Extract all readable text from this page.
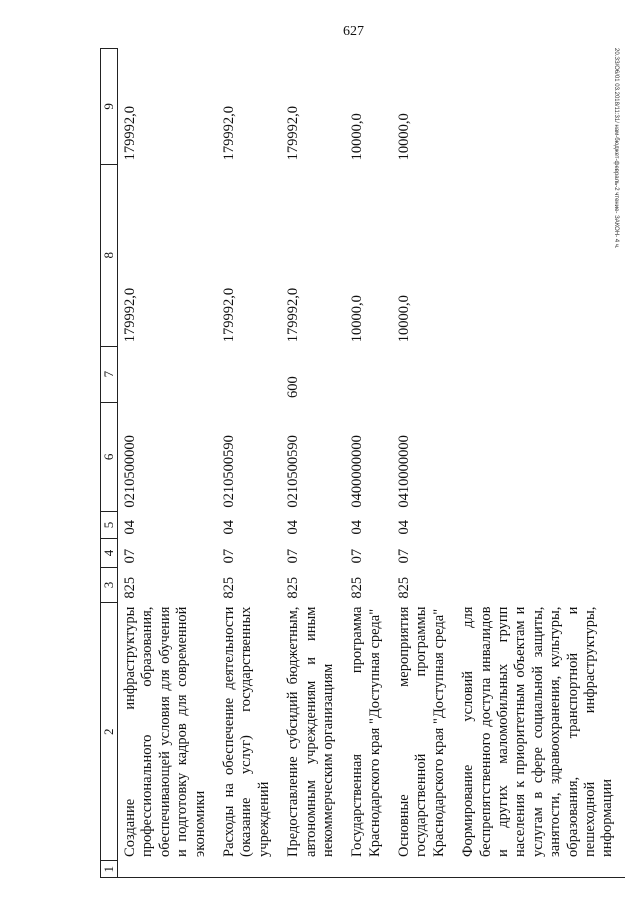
627
20.ЗЗ/О6/01 03.2018/11:31/ нам-бюджет-февраль-2 чтение- ЗАКОН- 4 ч.
1	2	3	4	5	6	7	8	9
	Создание инфраструктуры профессионального образования, обеспечивающей условия для обучения и подготовку кадров для современной экономики	825	07	04	0210500000		179992,0	179992,0
	Расходы на обеспечение деятельности (оказание услуг) государственных учреждений	825	07	04	0210500590		179992,0	179992,0
	Предоставление субсидий бюджетным, автономным учреждениям и иным некоммерческим организациям	825	07	04	0210500590	600	179992,0	179992,0
	Государственная программа Краснодарского края "Доступная среда"	825	07	04	0400000000		10000,0	10000,0
	Основные мероприятия государственной программы Краснодарского края "Доступная среда"	825	07	04	0410000000		10000,0	10000,0
	Формирование условий для беспрепятственного доступа инвалидов и других маломобильных групп населения к приоритетным объектам и услугам в сфере социальной защиты, занятости, здравоохранения, культуры, образования, транспортной и пешеходной инфраструктуры, информации							
